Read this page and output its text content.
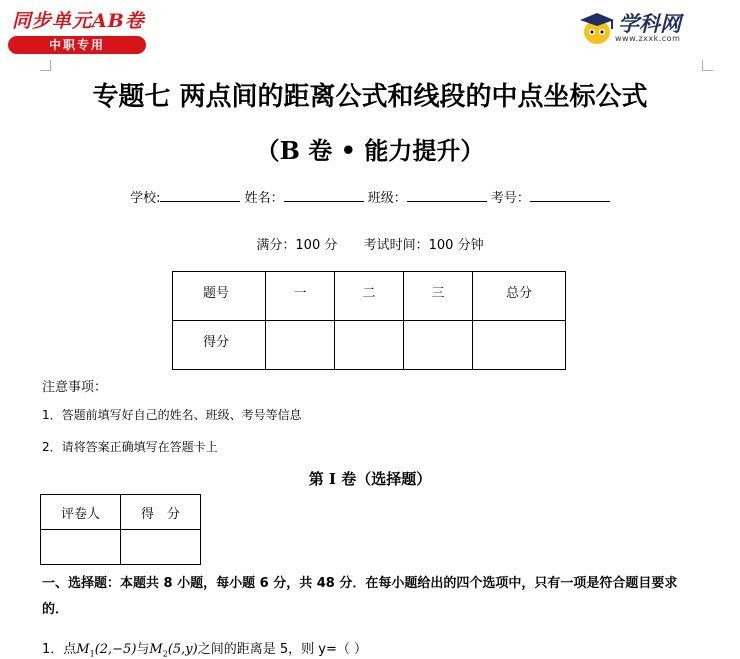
同步单元AB卷
中职专用
学科网
www.zxxk.com
专题七 两点间的距离公式和线段的中点坐标公式
（B 卷 • 能力提升）
学校:	姓名：	班级：	考号：
满分：100 分 考试时间：100 分钟
题号	一	二	三	总分

得分				

注意事项：
1．答题前填写好自己的姓名、班级、考号等信息
2．请将答案正确填写在答题卡上
第 I 卷（选择题）
评卷人	得　分

一、选择题：本题共 8 小题，每小题 6 分，共 48 分．在每小题给出的四个选项中，只有一项是符合题目要求的．
1．点$M_1(2,-5)$与$M_2(5,y)$之间的距离是 5，则 y=（ ）
